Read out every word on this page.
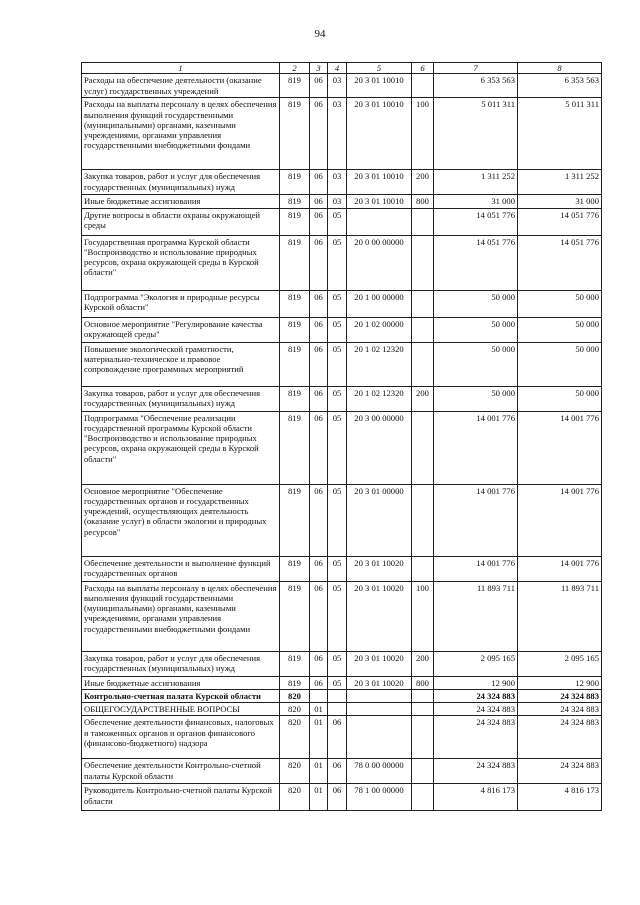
94
1	2	3	4	5	6	7	8
Расходы на обеспечение деятельности (оказание услуг) государственных учреждений	819	06	03	20 3 01 10010		6 353 563	6 353 563
Расходы на выплаты персоналу в целях обеспечения выполнения функций государственными (муниципальными) органами, казенными учреждениями, органами управления государственными внебюджетными фондами	819	06	03	20 3 01 10010	100	5 011 311	5 011 311
Закупка товаров, работ и услуг для обеспечения государственных (муниципальных) нужд	819	06	03	20 3 01 10010	200	1 311 252	1 311 252
Иные бюджетные ассигнования	819	06	03	20 3 01 10010	800	31 000	31 000
Другие вопросы в области охраны окружающей среды	819	06	05			14 051 776	14 051 776
Государственная программа Курской области "Воспроизводство и использование природных ресурсов, охрана окружающей среды в Курской области"	819	06	05	20 0 00 00000		14 051 776	14 051 776
Подпрограмма "Экология и природные ресурсы Курской области"	819	06	05	20 1 00 00000		50 000	50 000
Основное мероприятие "Регулирование качества окружающей среды"	819	06	05	20 1 02 00000		50 000	50 000
Повышение экологической грамотности, материально-техническое и правовое сопровождение программных мероприятий	819	06	05	20 1 02 12320		50 000	50 000
Закупка товаров, работ и услуг для обеспечения государственных (муниципальных) нужд	819	06	05	20 1 02 12320	200	50 000	50 000
Подпрограмма "Обеспечение реализации государственной программы Курской области "Воспроизводство и использование природных ресурсов, охрана окружающей среды в Курской области"	819	06	05	20 3 00 00000		14 001 776	14 001 776
Основное мероприятие "Обеспечение государственных органов и государственных учреждений, осуществляющих деятельность (оказание услуг) в области экологии и природных ресурсов"	819	06	05	20 3 01 00000		14 001 776	14 001 776
Обеспечение деятельности и выполнение функций государственных органов	819	06	05	20 3 01 10020		14 001 776	14 001 776
Расходы на выплаты персоналу в целях обеспечения выполнения функций государственными (муниципальными) органами, казенными учреждениями, органами управления государственными внебюджетными фондами	819	06	05	20 3 01 10020	100	11 893 711	11 893 711
Закупка товаров, работ и услуг для обеспечения государственных (муниципальных) нужд	819	06	05	20 3 01 10020	200	2 095 165	2 095 165
Иные бюджетные ассигнования	819	06	05	20 3 01 10020	800	12 900	12 900
Контрольно-счетная палата Курской области	820					24 324 883	24 324 883
ОБЩЕГОСУДАРСТВЕННЫЕ ВОПРОСЫ	820	01				24 324 883	24 324 883
Обеспечение деятельности финансовых, налоговых и таможенных органов и органов финансового (финансово-бюджетного) надзора	820	01	06			24 324 883	24 324 883
Обеспечение деятельности Контрольно-счетной палаты Курской области	820	01	06	78 0 00 00000		24 324 883	24 324 883
Руководитель Контрольно-счетной палаты Курской области	820	01	06	78 1 00 00000		4 816 173	4 816 173
